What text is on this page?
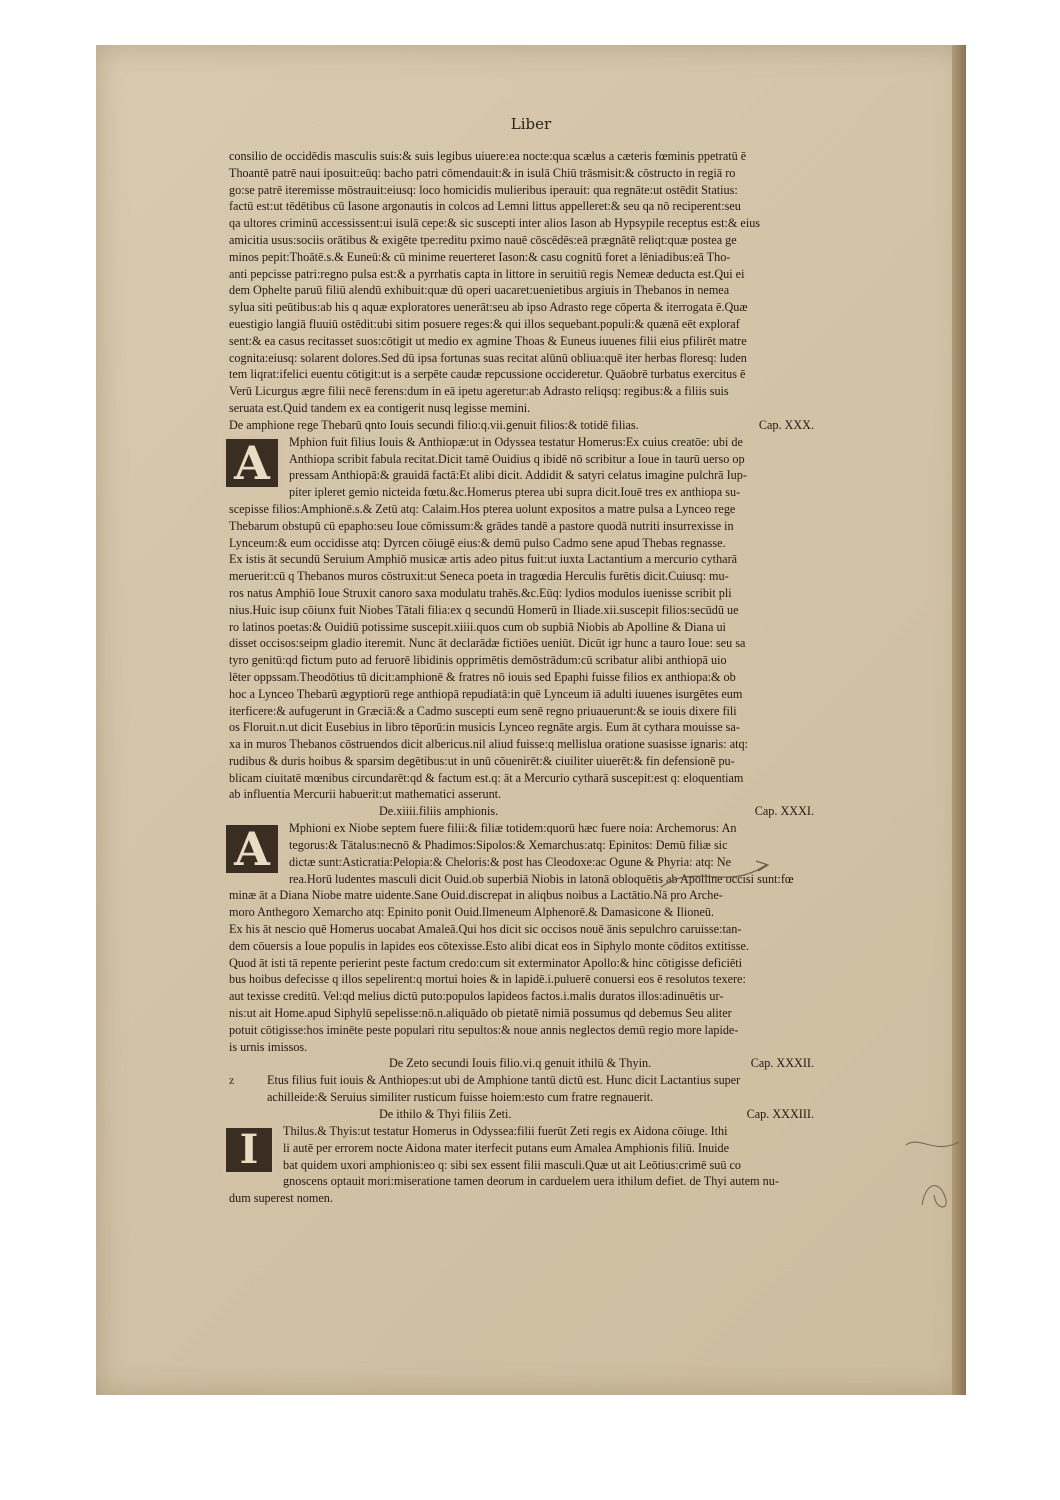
Liber
consilio de occidēdis masculis suis:& suis legibus uiuere:ea nocte:qua scælus a cæteris fœminis ppetratū ē
Thoantē patrē naui iposuit:eūq: bacho patri cōmendauit:& in isulā Chiū trāsmisit:& cōstructo in regiā ro
go:se patrē iteremisse mōstrauit:eiusq: loco homicidis mulieribus iperauit: qua regnāte:ut ostēdit Statius:
factū est:ut tēdētibus cū Iasone argonautis in colcos ad Lemni littus appelleret:& seu qa nō reciperent:seu
qa ultores criminū accessissent:ui isulā cepe:& sic suscepti inter alios Iason ab Hypsypile receptus est:& eius
amicitia usus:sociis orātibus & exigēte tpe:reditu pximo nauē cōscēdēs:eā prægnātē reliqt:quæ postea ge
minos pepit:Thoātē.s.& Euneū:& cū minime reuerteret Iason:& casu cognitū foret a lēniadibus:eā Tho-
anti pepcisse patri:regno pulsa est:& a pyrrhatis capta in littore in seruitiū regis Nemeæ deducta est.Qui ei
dem Ophelte paruū filiū alendū exhibuit:quæ dū operi uacaret:uenietibus argiuis in Thebanos in nemea
sylua siti peūtibus:ab his q aquæ exploratores uenerāt:seu ab ipso Adrasto rege cōperta & iterrogata ē.Quæ
euestigio langiā fluuiū ostēdit:ubi sitim posuere reges:& qui illos sequebant.populi:& quænā eēt exploraf
sent:& ea casus recitasset suos:cōtigit ut medio ex agmine Thoas & Euneus iuuenes filii eius pfilirēt matre
cognita:eiusq: solarent dolores.Sed dū ipsa fortunas suas recitat alūnū obliua:quē iter herbas floresq: luden
tem liqrat:ifelici euentu cōtigit:ut is a serpēte caudæ repcussione occideretur. Quāobrē turbatus exercitus ē
Verū Licurgus ægre filii necē ferens:dum in eā ipetu ageretur:ab Adrasto reliqsq: regibus:& a filiis suis
seruata est.Quid tandem ex ea contigerit nusq legisse memini.
De amphione rege Thebarū qnto Iouis secundi filio:q.vii.genuit filios:& totidē filias.	Cap. XXX.
A	Mphion fuit filius Iouis & Anthiopæ:ut in Odyssea testatur Homerus:Ex cuius creatōe: ubi de
Anthiopa scribit fabula recitat.Dicit tamē Ouidius q ibidē nō scribitur a Ioue in taurū uerso op
pressam Anthiopā:& grauidā factā:Et alibi dicit. Addidit & satyri celatus imagine pulchrā Iup-
piter ipleret gemio nicteida fœtu.&c.Homerus ptereа ubi supra dicit.Iouē tres ex anthiopa su-
scepisse filios:Amphionē.s.& Zetū atq: Calaim.Hos ptereа uolunt expositos a matre pulsa a Lynceo rege
Thebarum obstupū cū epapho:seu Ioue cōmissum:& grādes tandē a pastore quodā nutriti insurrexisse in
Lynceum:& eum occidisse atq: Dyrcen cōiugē eius:& demū pulso Cadmo sene apud Thebas regnasse.
Ex istis āt secundū Seruium Amphiō musicæ artis adeo pitus fuit:ut iuxta Lactantium a mercurio cytharā
meruerit:cū q Thebanos muros cōstruxit:ut Seneca poeta in tragœdia Herculis furētis dicit.Cuiusq: mu-
ros natus Amphiō Ioue Struxit canoro saxa modulatu trahēs.&c.Eūq: lydios modulos iuenisse scribit pli
nius.Huic isup cōiunx fuit Niobes Tātali filia:ex q secundū Homerū in Iliade.xii.suscepit filios:secūdū ue
ro latinos poetas:& Ouidiū potissime suscepit.xiiii.quos cum ob supbiā Niobis ab Apolline & Diana ui
disset occisos:seipm gladio iteremit. Nunc āt declarādæ fictiōes ueniūt. Dicūt igr hunc a tauro Ioue: seu sa
tyro genitū:qd fictum puto ad feruorē libidinis opprimētis demōstrādum:cū scribatur alibi anthiopā uio
lēter oppssam.Theodōtius tū dicit:amphionē & fratres nō iouis sed Epaphi fuisse filios ex anthiopa:& ob
hoc a Lynceo Thebarū ægyptiorū rege anthiopā repudiatā:in quē Lynceum iā adulti iuuenes isurgētes eum
iterficere:& aufugerunt in Græciā:& a Cadmo suscepti eum senē regno priuauerunt:& se iouis dixere fili
os Floruit.n.ut dicit Eusebius in libro tēporū:in musicis Lynceo regnāte argis. Eum āt cythara mouisse sa-
xa in muros Thebanos cōstruendos dicit albericus.nil aliud fuisse:q mellislua oratione suasisse ignaris: atq:
rudibus & duris hoibus & sparsim degētibus:ut in unū cōuenirēt:& ciuiliter uiuerēt:& fin defensionē pu-
blicam ciuitatē mœnibus circundarēt:qd & factum est.q: āt a Mercurio cytharā suscepit:est q: eloquentiam
ab influentia Mercurii habuerit:ut mathematici asserunt.
De.xiiii.filiis amphionis.	Cap. XXXI.
A	Mphioni ex Niobe septem fuere filii:& filiæ totidem:quorū hæc fuere noia: Archemorus: An
tegorus:& Tātalus:necnō & Phadimos:Sipolos:& Xemarchus:atq: Epinitos: Demū filiæ sic
dictæ sunt:Asticratia:Pelopia:& Cheloris:& post has Cleodoxe:ac Ogune & Phyria: atq: Ne
rea.Horū ludentes masculi dicit Ouid.ob superbiā Niobis in latonā obloquētis ab Apolline occisi sunt:fœ
minæ āt a Diana Niobe matre uidente.Sane Ouid.discrepat in aliqbus noibus a Lactātio.Nā pro Arche-
moro Anthegoro Xemarcho atq: Epinito ponit Ouid.Ilmeneum Alphenorē.& Damasicone & Ilioneū.
Ex his āt nescio quē Homerus uocabat Amaleā.Qui hos dicit sic occisos nouē ānis sepulchro caruisse:tan-
dem cōuersis a Ioue populis in lapides eos cōtexisse.Esto alibi dicat eos in Siphylo monte cōditos extitisse.
Quod āt isti tā repente perierint peste factum credo:cum sit exterminator Apollo:& hinc cōtigisse deficiēti
bus hoibus defecisse q illos sepelirent:q mortui hoies & in lapidē.i.puluerē conuersi eos ē resolutos texere:
aut texisse creditū. Vel:qd melius dictū puto:populos lapideos factos.i.malis duratos illos:adinuētis ur-
nis:ut ait Home.apud Siphylū sepelisse:nō.n.aliquādo ob pietatē nimiā possumus qd debemus Seu aliter
potuit cōtigisse:hos iminēte peste populari ritu sepultos:& noue annis neglectos demū regio more lapide-
is urnis imissos.
De Zeto secundi Iouis filio.vi.q genuit ithilū & Thyin.	Cap. XXXII.
z	Etus filius fuit iouis & Anthiopes:ut ubi de Amphione tantū dictū est. Hunc dicit Lactantius super
achilleide:& Seruius similiter rusticum fuisse hoiem:esto cum fratre regnauerit.
De ithilo & Thyi filiis Zeti.	Cap. XXXIII.
I	Thilus.& Thyis:ut testatur Homerus in Odyssea:filii fuerūt Zeti regis ex Aidona cōiuge. Ithi
li autē per errorem nocte Aidona mater iterfecit putans eum Amalea Amphionis filiū. Inuide
bat quidem uxori amphionis:eo q: sibi sex essent filii masculi.Quæ ut ait Leōtius:crimē suū co
gnoscens optauit mori:miseratione tamen deorum in carduelem uera ithilum defiet. de Thyi autem nu-
dum superest nomen.
